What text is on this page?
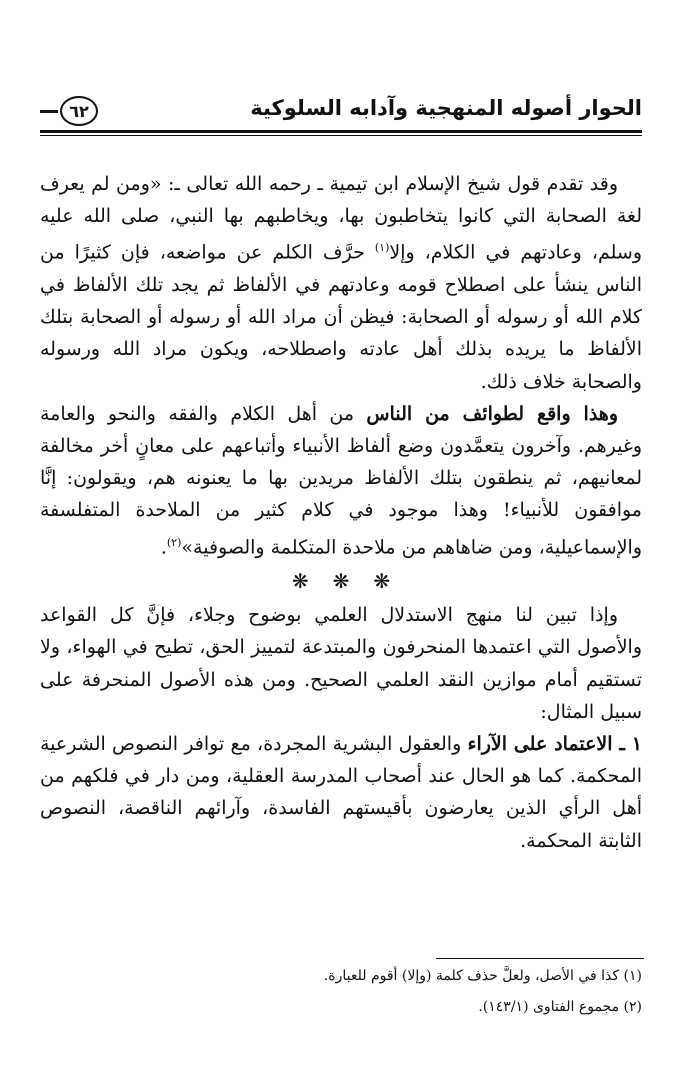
الحوار أصوله المنهجية وآدابه السلوكية
٦٢

وقد تقدم قول شيخ الإسلام ابن تيمية ـ رحمه الله تعالى ـ: «ومن لم يعرف لغة الصحابة التي كانوا يتخاطبون بها، ويخاطبهم بها النبي، صلى الله عليه وسلم، وعادتهم في الكلام، وإلا$^{(١)}$ حرَّف الكلم عن مواضعه، فإن كثيرًا من الناس ينشأ على اصطلاح قومه وعادتهم في الألفاظ ثم يجد تلك الألفاظ في كلام الله أو رسوله أو الصحابة: فيظن أن مراد الله أو رسوله أو الصحابة بتلك الألفاظ ما يريده بذلك أهل عادته واصطلاحه، ويكون مراد الله ورسوله والصحابة خلاف ذلك.

وهذا واقع لطوائف من الناس من أهل الكلام والفقه والنحو والعامة وغيرهم. وآخرون يتعمَّدون وضع ألفاظ الأنبياء وأتباعهم على معانٍ أخر مخالفة لمعانيهم، ثم ينطقون بتلك الألفاظ مريدين بها ما يعنونه هم، ويقولون: إنَّا موافقون للأنبياء! وهذا موجود في كلام كثير من الملاحدة المتفلسفة والإسماعيلية، ومن ضاهاهم من ملاحدة المتكلمة والصوفية»$^{(٢)}$.

❋
❋
❋

وإذا تبين لنا منهج الاستدلال العلمي بوضوح وجلاء، فإنَّ كل القواعد والأصول التي اعتمدها المنحرفون والمبتدعة لتمييز الحق، تطيح في الهواء، ولا تستقيم أمام موازين النقد العلمي الصحيح. ومن هذه الأصول المنحرفة على سبيل المثال:

١ ـ الاعتماد على الآراء والعقول البشرية المجردة، مع توافر النصوص الشرعية المحكمة. كما هو الحال عند أصحاب المدرسة العقلية، ومن دار في فلكهم من أهل الرأي الذين يعارضون بأقيستهم الفاسدة، وآرائهم الناقصة، النصوص الثابتة المحكمة.

(١) كذا في الأصل، ولعلَّ حذف كلمة (وإلا) أقوم للعبارة.

(٢) مجموع الفتاوى (١٤٣/١).
